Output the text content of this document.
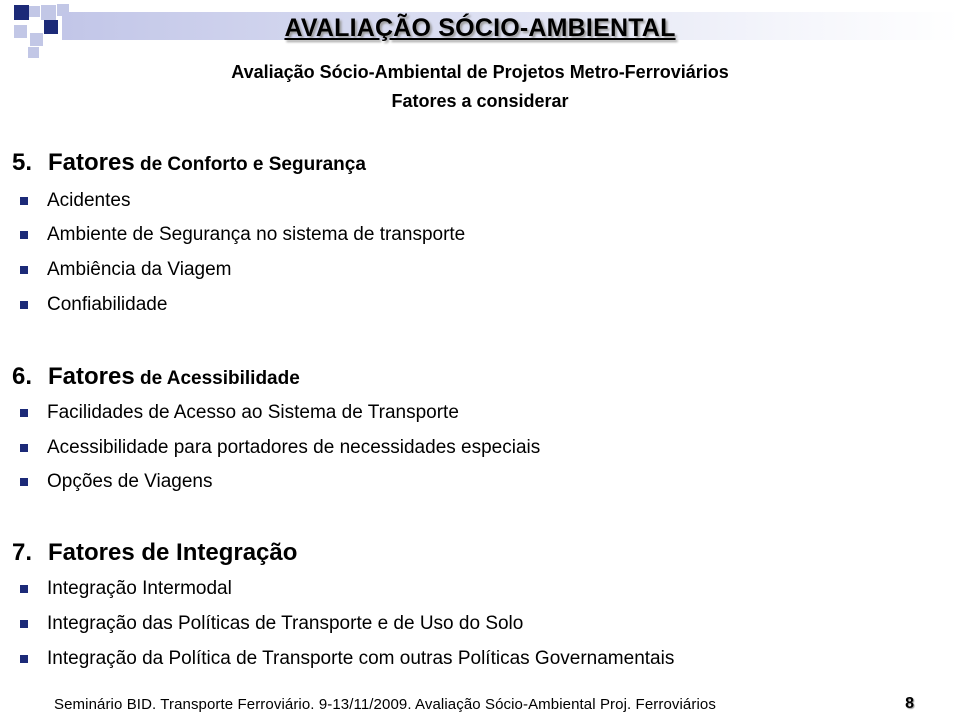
AVALIAÇÃO SÓCIO-AMBIENTAL
Avaliação Sócio-Ambiental de Projetos Metro-Ferroviários
Fatores a considerar
5. Fatores de Conforto e Segurança
Acidentes
Ambiente de Segurança no sistema de transporte
Ambiência da Viagem
Confiabilidade
6. Fatores de Acessibilidade
Facilidades de Acesso ao Sistema de Transporte
Acessibilidade para portadores de necessidades especiais
Opções de Viagens
7. Fatores de Integração
Integração Intermodal
Integração das Políticas de Transporte e de Uso do Solo
Integração da Política de Transporte com outras Políticas Governamentais
Seminário BID. Transporte Ferroviário. 9-13/11/2009. Avaliação Sócio-Ambiental Proj. Ferroviários	8
